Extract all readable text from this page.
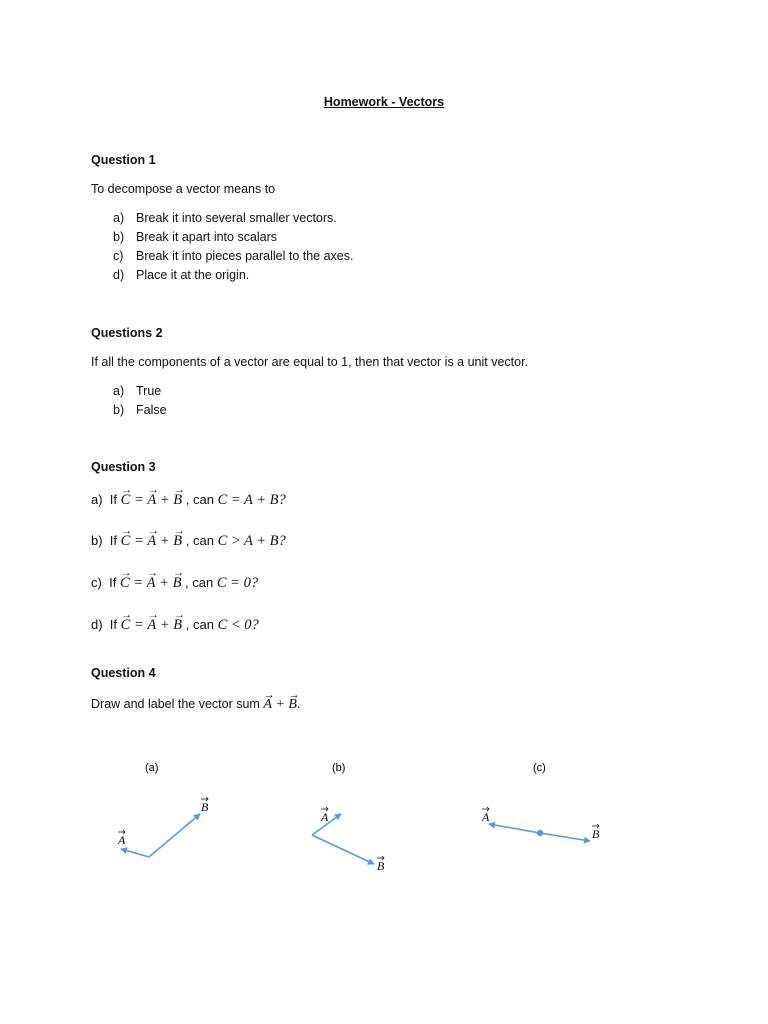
Homework - Vectors
Question 1
To decompose a vector means to
a) Break it into several smaller vectors.
b) Break it apart into scalars
c) Break it into pieces parallel to the axes.
d) Place it at the origin.
Questions 2
If all the components of a vector are equal to 1, then that vector is a unit vector.
a) True
b) False
Question 3
a) If → C = → A + → B , can C = A + B?
b) If → C = → A + → B , can C > A + B?
c) If → C = → A + → B , can C = 0?
d) If → C = → A + → B , can C < 0?
Question 4
Draw and label the vector sum → A + → B.
(a)
A
B
(b)
A
B
(c)
A
B
